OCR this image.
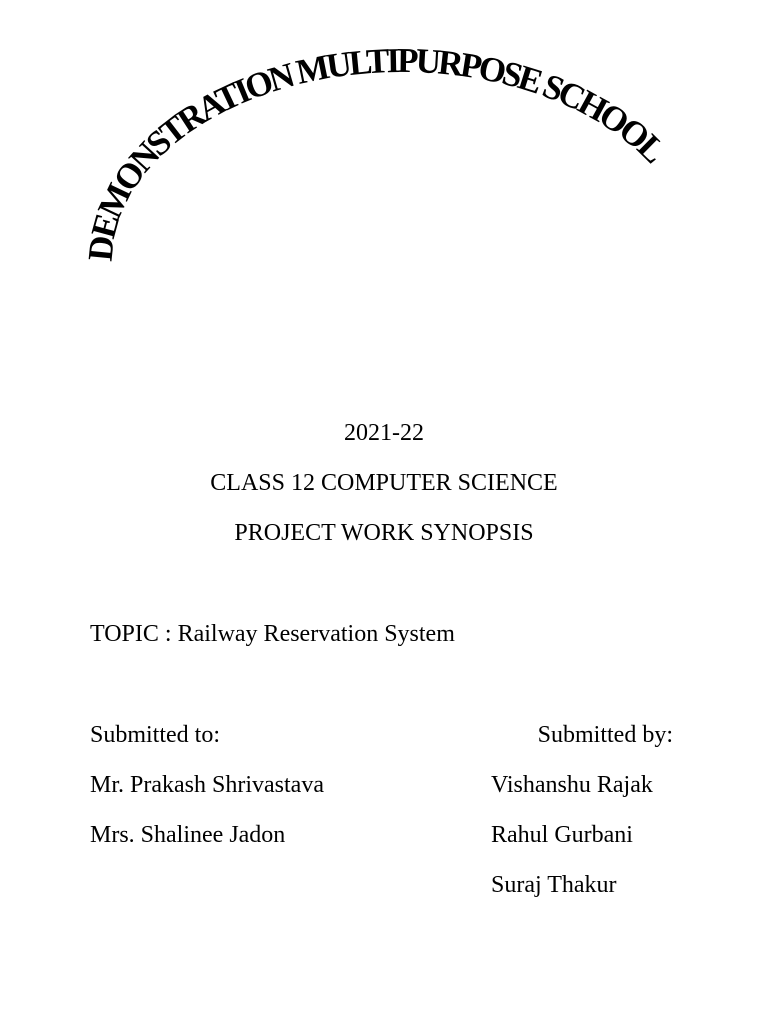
DEMONSTRATION MULTIPURPOSE SCHOOL
2021-22
CLASS 12 COMPUTER SCIENCE
PROJECT WORK SYNOPSIS
TOPIC : Railway Reservation System
Submitted to:
Mr. Prakash Shrivastava
Mrs. Shalinee Jadon
Submitted by:
Vishanshu Rajak
Rahul Gurbani
Suraj Thakur
